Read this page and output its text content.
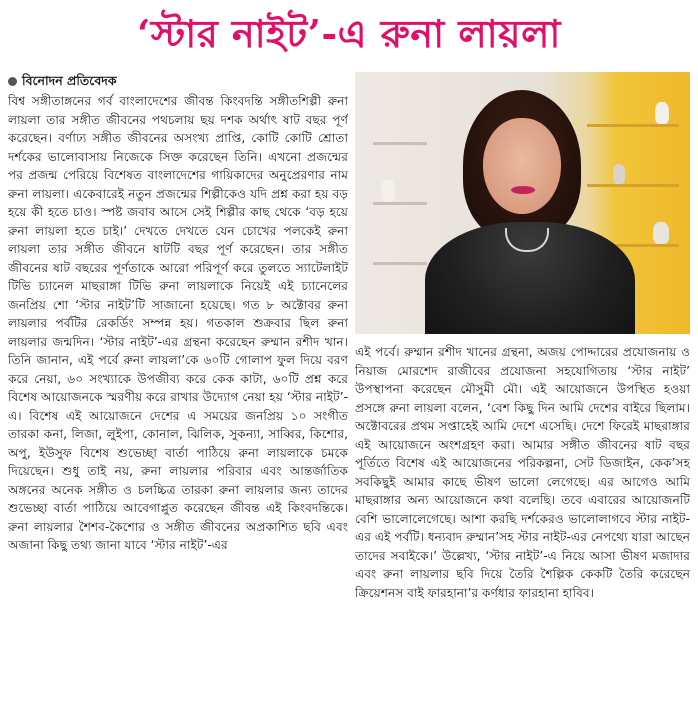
‘স্টার নাইট’-এ রুনা লায়লা
বিনোদন প্রতিবেদক

বিশ্ব সঙ্গীতাঙ্গনের গর্ব বাংলাদেশের জীবন্ত কিংবদন্তি সঙ্গীতশিল্পী রুনা লায়লা তার সঙ্গীত জীবনের পথচলায় ছয় দশক অর্থাৎ ষাট বছর পূর্ণ করেছেন। বর্ণাঢ্য সঙ্গীত জীবনের অসংখ্য প্রাপ্তি, কোটি কোটি শ্রোতা দর্শকের ভালোবাসায় নিজেকে সিক্ত করেছেন তিনি। এখনো প্রজন্মের পর প্রজন্ম পেরিয়ে বিশেষত বাংলাদেশের গায়িকাদের অনুপ্রেরণার নাম রুনা লায়লা। একেবারেই নতুন প্রজন্মের শিল্পীকেও যদি প্রশ্ন করা হয় বড় হয়ে কী হতে চাও। স্পষ্ট জবাব আসে সেই শিল্পীর কাছ থেকে ‘বড় হয়ে রুনা লায়লা হতে চাই।’ দেখতে দেখতে যেন চোখের পলকেই রুনা লায়লা তার সঙ্গীত জীবনে ষাটটি বছর পূর্ণ করেছেন। তার সঙ্গীত জীবনের ষাট বছরের পূর্ণতাকে আরো পরিপূর্ণ করে তুলতে স্যাটেলাইট টিভি চ্যানেল মাছরাঙ্গা টিভি রুনা লায়লাকে নিয়েই এই চ্যানেলের জনপ্রিয় শো ‘স্টার নাইট’টি সাজানো হয়েছে। গত ৮ অক্টোবর রুনা লায়লার পর্বটির রেকর্ডিং সম্পন্ন হয়। গতকাল শুক্রবার ছিল রুনা লায়লার জন্মদিন। ‘স্টার নাইট’-এর গ্রন্থনা করেছেন রুম্মান রশীদ খান। তিনি জানান, এই পর্বে রুনা লায়লা’কে ৬০টি গোলাপ ফুল দিয়ে বরণ করে নেয়া, ৬০ সংখ্যাকে উপজীব্য করে কেক কাটা, ৬০টি প্রশ্ন করে বিশেষ আয়োজনকে স্মরণীয় করে রাখার উদ্যোগ নেয়া হয় ‘স্টার নাইট’-এ। বিশেষ এই আয়োজনে দেশের এ সময়ের জনপ্রিয় ১০ সংগীত তারকা কনা, লিজা, লুইপা, কোনাল, ঝিলিক, সুকন্যা, সাব্বির, কিশোর, অপু, ইউসুফ বিশেষ শুভেচ্ছা বার্তা পাঠিয়ে রুনা লায়লাকে চমকে দিয়েছেন। শুধু তাই নয়, রুনা লায়লার পরিবার এবং আন্তর্জাতিক অঙ্গনের অনেক সঙ্গীত ও চলচ্চিত্র তারকা রুনা লায়লার জন্য তাদের শুভেচ্ছা বার্তা পাঠিয়ে আবেগাপ্লুত করেছেন জীবন্ত এই কিংবদন্তিকে। রুনা লায়লার শৈশব-কৈশোর ও সঙ্গীত জীবনের অপ্রকাশিত ছবি এবং অজানা কিছু তথ্য জানা যাবে ‘স্টার নাইট’-এর

এই পর্বে। রুম্মান রশীদ খানের গ্রন্থনা, অজয় পোদ্দারের প্রযোজনায় ও নিয়াজ মোরশেদ রাজীবের প্রযোজনা সহযোগিতায় ‘স্টার নাইট’ উপস্থাপনা করেছেন মৌসুমী মৌ। এই আয়োজনে উপস্থিত হওয়া প্রসঙ্গে রুনা লায়লা বলেন, ‘বেশ কিছু দিন আমি দেশের বাইরে ছিলাম। অক্টোবরের প্রথম সপ্তাহেই আমি দেশে এসেছি। দেশে ফিরেই মাছরাঙ্গার এই আয়োজনে অংশগ্রহণ করা। আমার সঙ্গীত জীবনের ষাট বছর পূর্তিতে বিশেষ এই আয়োজনের পরিকল্পনা, সেট ডিজাইন, কেক’সহ সবকিছুই আমার কাছে ভীষণ ভালো লেগেছে। এর আগেও আমি মাছরাঙ্গার অন্য আয়োজনে কথা বলেছি। তবে এবারের আয়োজনটি বেশি ভালোলেগেছে। আশা করছি দর্শকেরও ভালোলাগবে স্টার নাইট-এর এই পর্বটি। ধন্যবাদ রুম্মান’সহ স্টার নাইট-এর নেপথ্যে যারা আছেন তাদের সবাইকে।’ উল্লেখ্য, ‘স্টার নাইট’-এ নিয়ে আসা ভীষণ মজাদার এবং রুনা লায়লার ছবি দিয়ে তৈরি শৈল্পিক কেকটি তৈরি করেছেন ক্রিয়েশনস বাই ফারহানা’র কর্ণধার ফারহানা হাবিব।
